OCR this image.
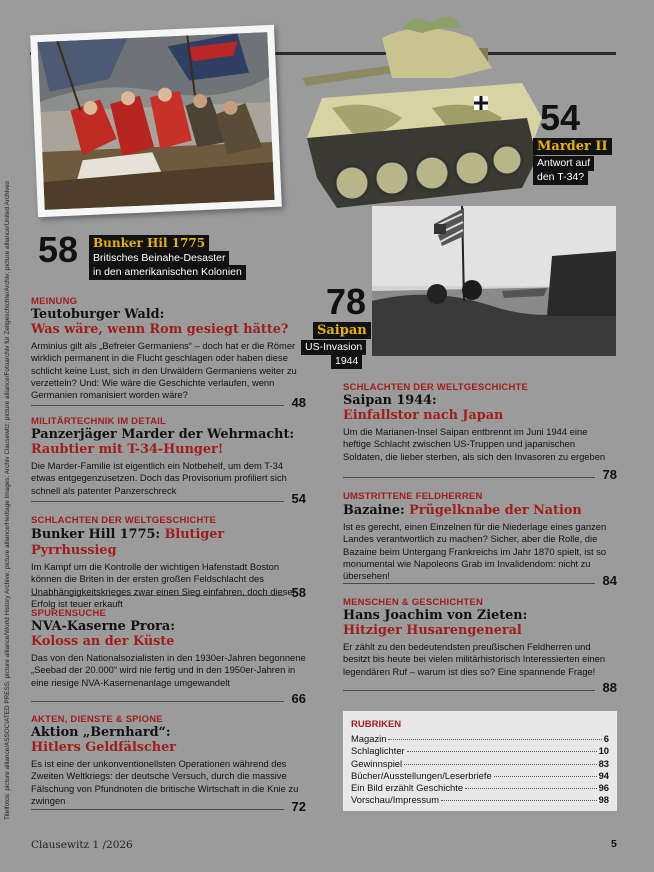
Titelfotos: picture alliance/ASSOCIATED PRESS; picture alliance/World History Archive; picture alliance/Heritage Images; Archiv Clausewitz; picture alliance/Fotoarchiv für Zeitgeschichte/Archiv; picture alliance/United Archives 58	Bunker Hil 1775
Britisches Beinahe-Desaster
in den amerikanischen Kolonien
54
Marder II
Antwort auf
den T-34?
78
Saipan
US-Invasion
1944
MEINUNG
Teutoburger Wald:
Was wäre, wenn Rom gesiegt hätte?
Arminius gilt als „Befreier Germaniens“ – doch hat er die Römer wirklich permanent in die Flucht geschlagen oder haben diese schlicht keine Lust, sich in den Urwäldern Germaniens weiter zu verzetteln? Und: Wie wäre die Geschichte verlaufen, wenn Germanien romanisiert worden wäre?
48
MILITÄRTECHNIK IM DETAIL
Panzerjäger Marder der Wehrmacht:
Raubtier mit T-34-Hunger!
Die Marder-Familie ist eigentlich ein Notbehelf, um dem T-34 etwas entgegenzusetzen. Doch das Provisorium profiliert sich schnell als patenter Panzerschreck
54
SCHLACHTEN DER WELTGESCHICHTE
Bunker Hill 1775: Blutiger Pyrrhussieg
Im Kampf um die Kontrolle der wichtigen Hafenstadt Boston können die Briten in der ersten großen Feldschlacht des Unabhängigkeitskrieges zwar einen Sieg einfahren, doch dieser Erfolg ist teuer erkauft
58
SPURENSUCHE
NVA-Kaserne Prora:
Koloss an der Küste
Das von den Nationalsozialisten in den 1930er-Jahren begonnene „Seebad der 20.000“ wird nie fertig und in den 1950er-Jahren in eine riesige NVA-Kasernenanlage umgewandelt
66
AKTEN, DIENSTE & SPIONE
Aktion „Bernhard“:
Hitlers Geldfälscher
Es ist eine der unkonventionellsten Operationen während des Zweiten Weltkriegs: der deutsche Versuch, durch die massive Fälschung von Pfundnoten die britische Wirtschaft in die Knie zu zwingen	72
SCHLACHTEN DER WELTGESCHICHTE
Saipan 1944:
Einfallstor nach Japan
Um die Marianen-Insel Saipan entbrennt im Juni 1944 eine heftige Schlacht zwischen US-Truppen und japanischen Soldaten, die lieber sterben, als sich den Invasoren zu ergeben
78
UMSTRITTENE FELDHERREN
Bazaine: Prügelknabe der Nation
Ist es gerecht, einen Einzelnen für die Niederlage eines ganzen Landes verantwortlich zu machen? Sicher, aber die Rolle, die Bazaine beim Untergang Frankreichs im Jahr 1870 spielt, ist so monumental wie Napoleons Grab im Invalidendom: nicht zu übersehen!	84
MENSCHEN & GESCHICHTEN
Hans Joachim von Zieten:
Hitziger Husarengeneral
Er zählt zu den bedeutendsten preußischen Feldherren und besitzt bis heute bei vielen militärhistorisch Interessierten einen legendären Ruf – warum ist dies so? Eine spannende Frage!
88
RUBRIKEN
Magazin	6
Schlaglichter	10
Gewinnspiel	83
Bücher/Ausstellungen/Leserbriefe	94
Ein Bild erzählt Geschichte	96
Vorschau/Impressum	98
Clausewitz 1 /2026	5
